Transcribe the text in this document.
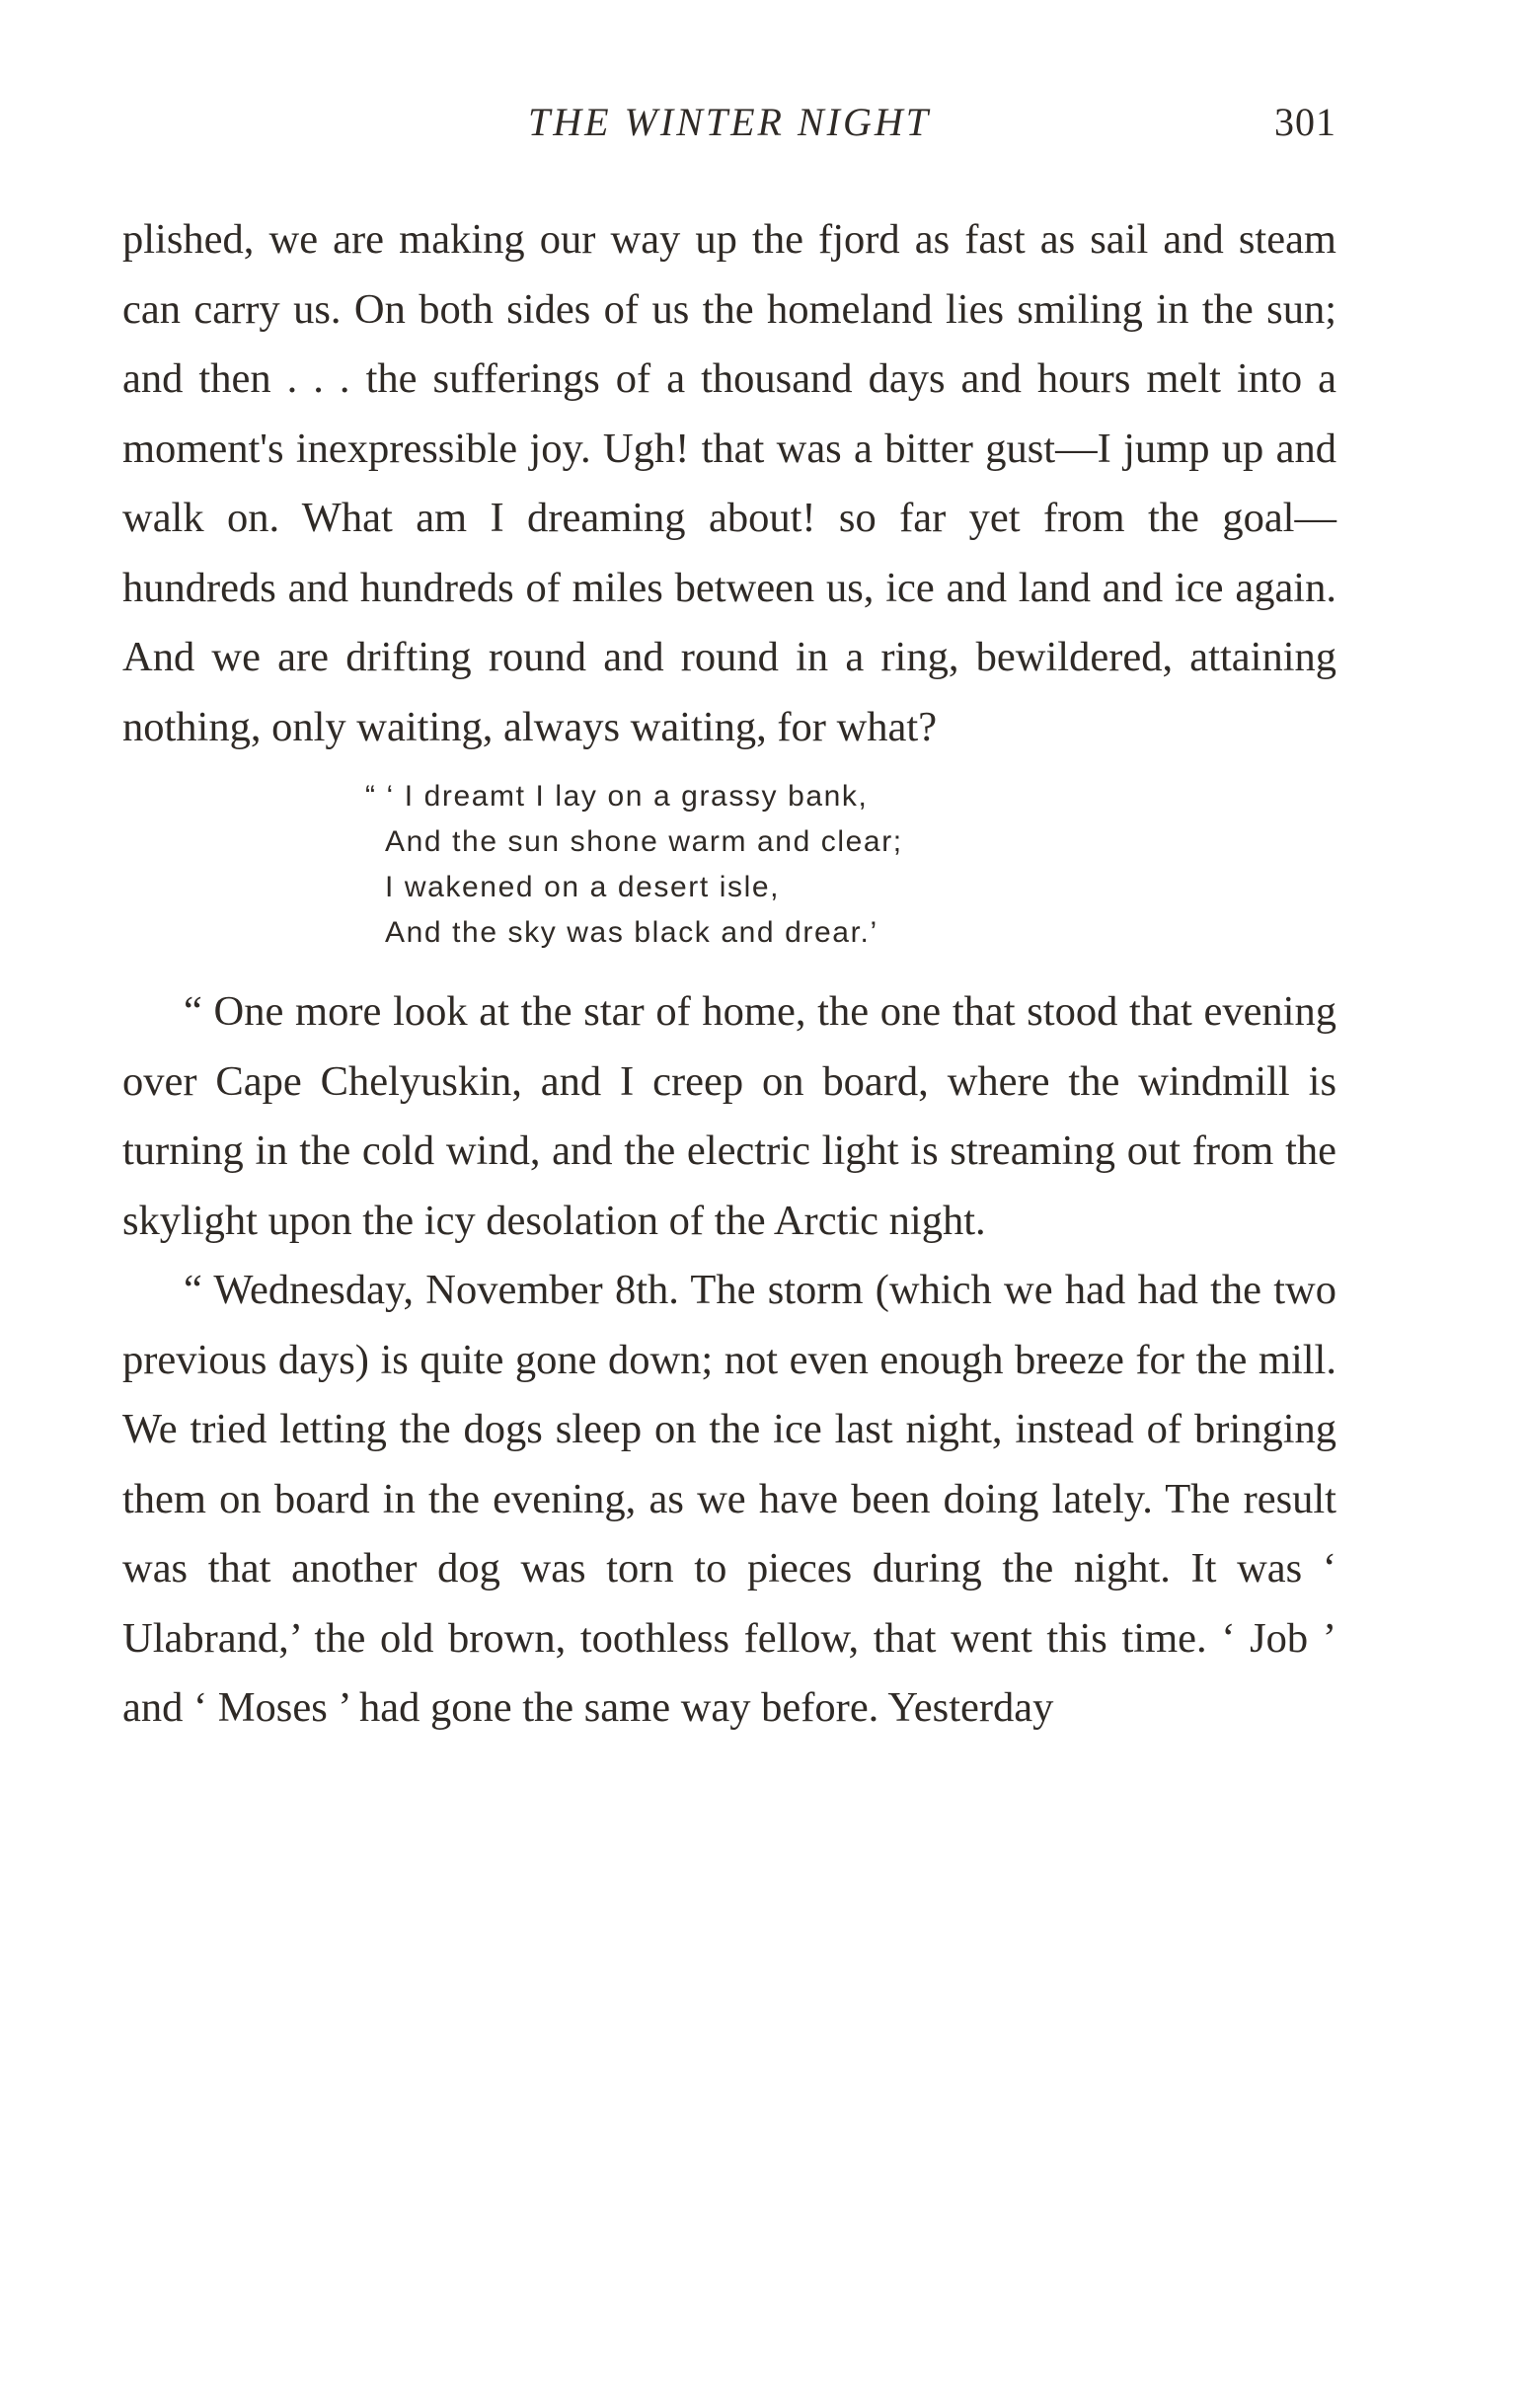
THE WINTER NIGHT	301

plished, we are making our way up the fjord as fast as sail and steam can carry us. On both sides of us the homeland lies smiling in the sun; and then . . . the sufferings of a thousand days and hours melt into a moment's inexpressible joy. Ugh! that was a bitter gust—I jump up and walk on. What am I dreaming about! so far yet from the goal—hundreds and hundreds of miles between us, ice and land and ice again. And we are drifting round and round in a ring, bewildered, attaining nothing, only waiting, always waiting, for what?

“ ‘ I dreamt I lay on a grassy bank,
And the sun shone warm and clear;
I wakened on a desert isle,
And the sky was black and drear.’

“ One more look at the star of home, the one that stood that evening over Cape Chelyuskin, and I creep on board, where the windmill is turning in the cold wind, and the electric light is streaming out from the skylight upon the icy desolation of the Arctic night.

“ Wednesday, November 8th. The storm (which we had had the two previous days) is quite gone down; not even enough breeze for the mill. We tried letting the dogs sleep on the ice last night, instead of bringing them on board in the evening, as we have been doing lately. The result was that another dog was torn to pieces during the night. It was ‘ Ulabrand,’ the old brown, toothless fellow, that went this time. ‘ Job ’ and ‘ Moses ’ had gone the same way before. Yesterday
